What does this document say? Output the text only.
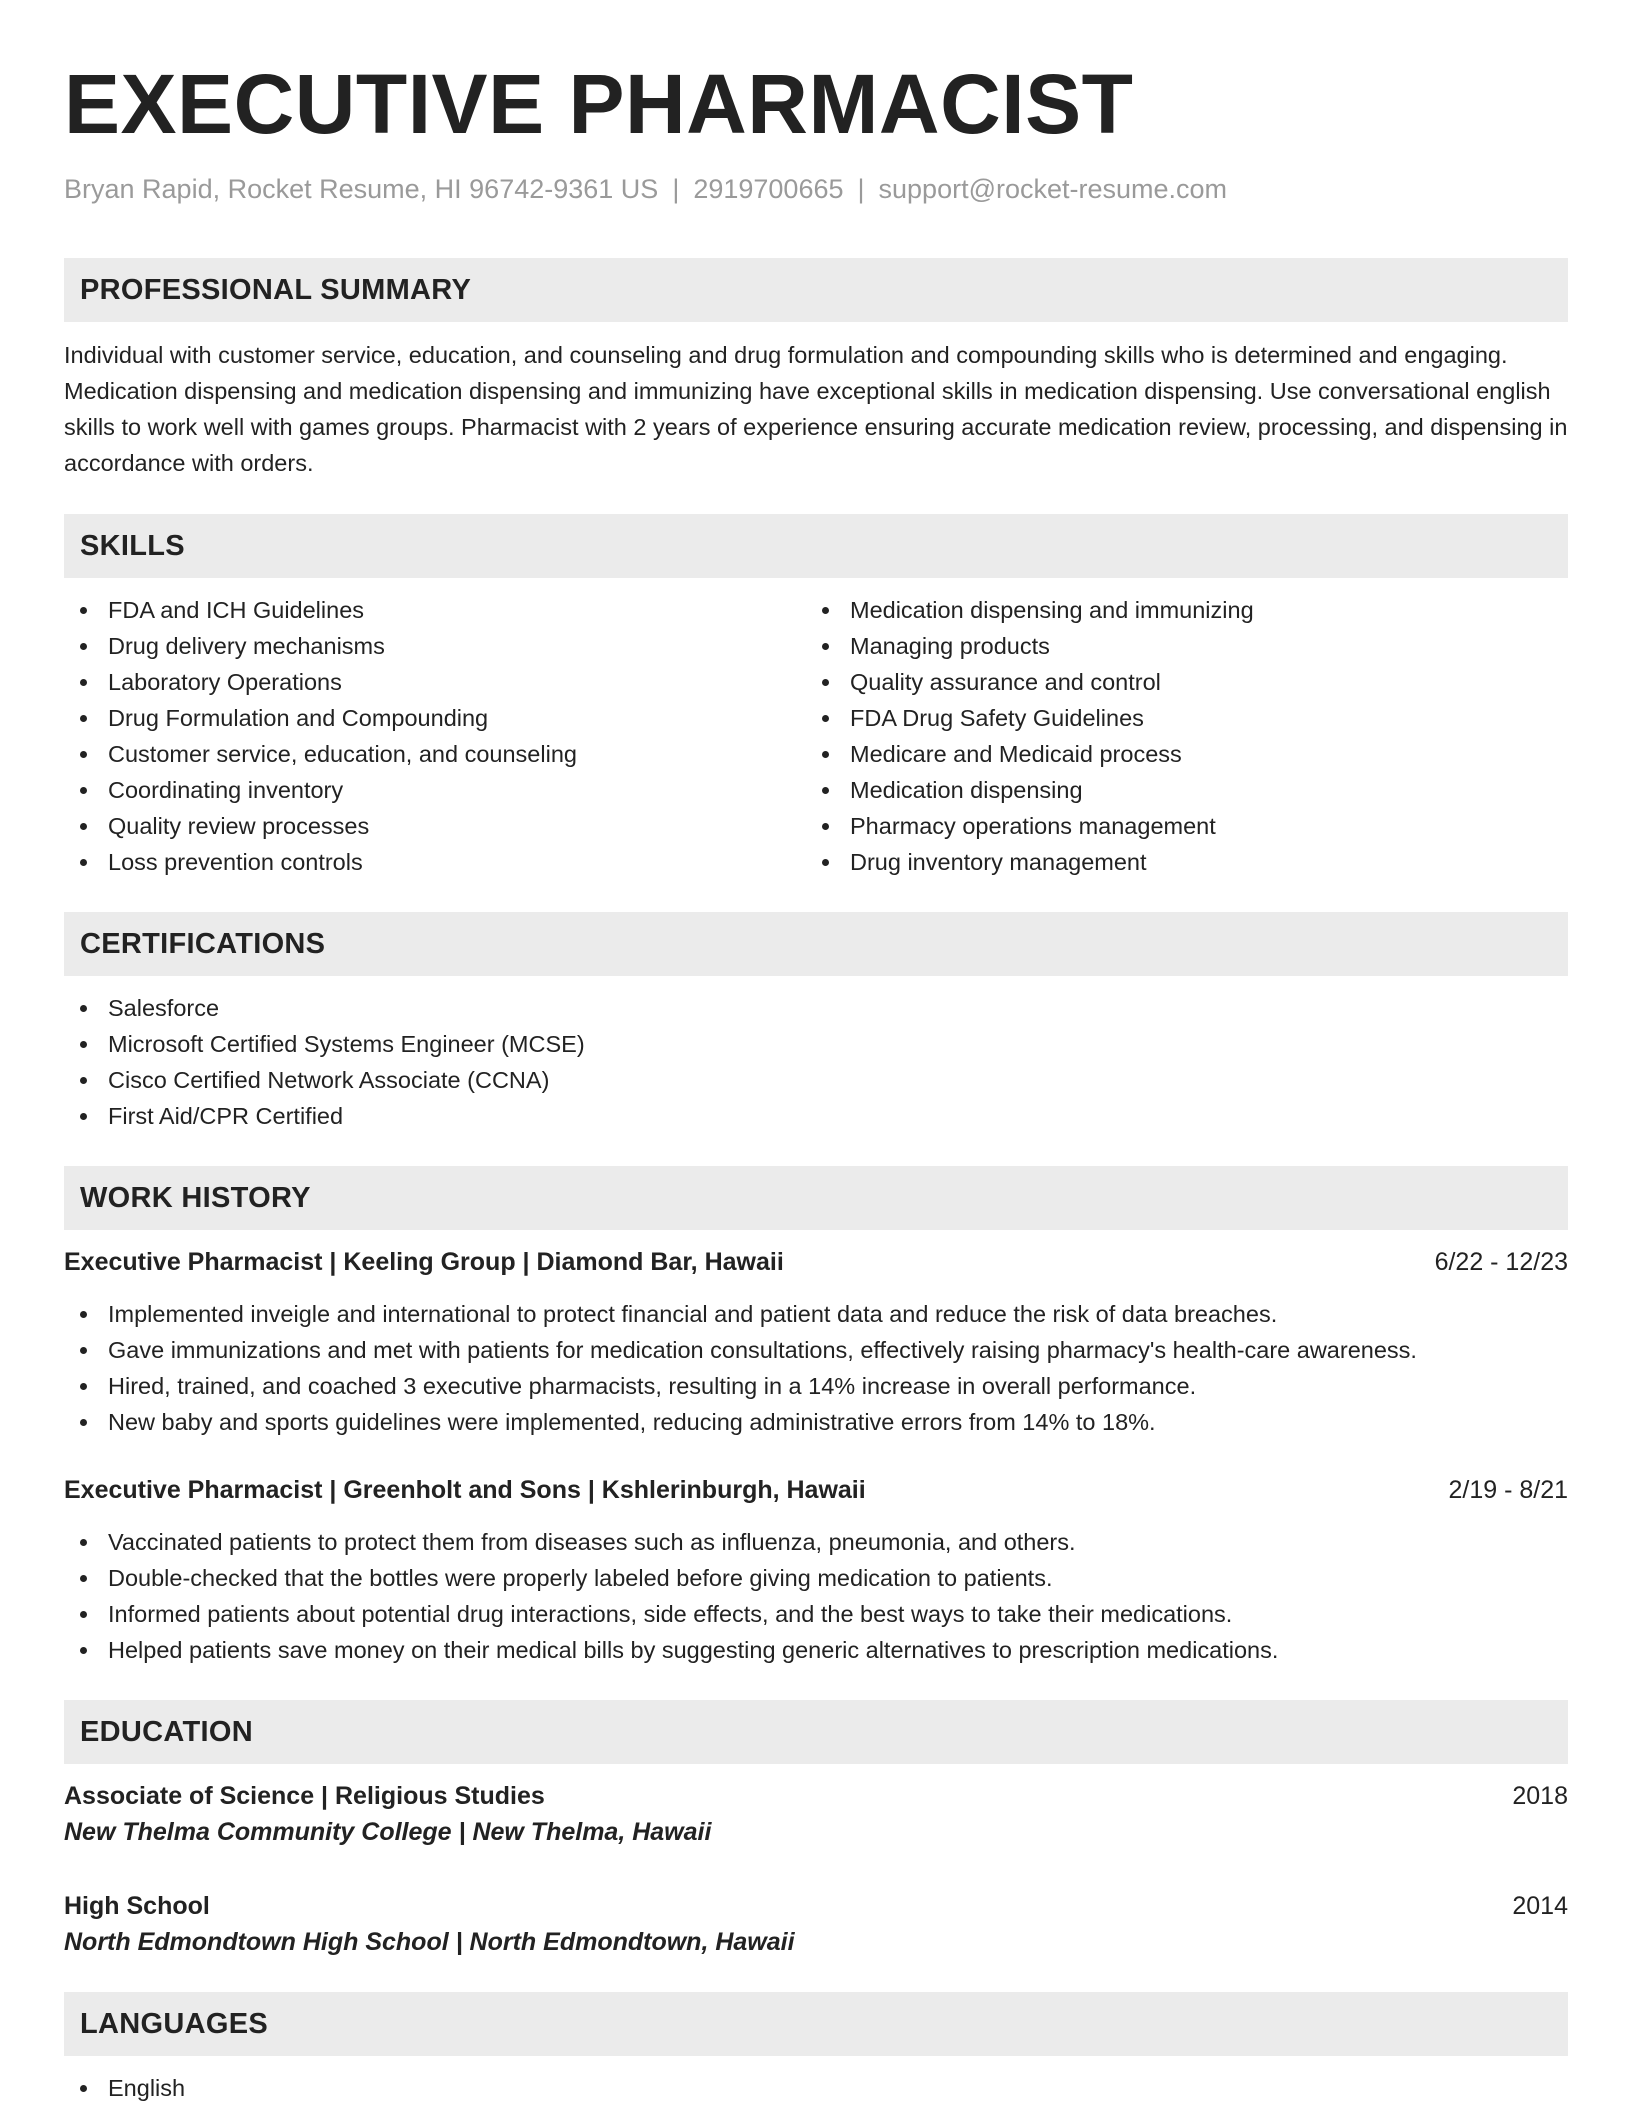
EXECUTIVE PHARMACIST
Bryan Rapid, Rocket Resume, HI 96742-9361 US | 2919700665 | support@rocket-resume.com
PROFESSIONAL SUMMARY
Individual with customer service, education, and counseling and drug formulation and compounding skills who is determined and engaging. Medication dispensing and medication dispensing and immunizing have exceptional skills in medication dispensing. Use conversational english skills to work well with games groups. Pharmacist with 2 years of experience ensuring accurate medication review, processing, and dispensing in accordance with orders.
SKILLS
FDA and ICH Guidelines
Drug delivery mechanisms
Laboratory Operations
Drug Formulation and Compounding
Customer service, education, and counseling
Coordinating inventory
Quality review processes
Loss prevention controls
Medication dispensing and immunizing
Managing products
Quality assurance and control
FDA Drug Safety Guidelines
Medicare and Medicaid process
Medication dispensing
Pharmacy operations management
Drug inventory management
CERTIFICATIONS
Salesforce
Microsoft Certified Systems Engineer (MCSE)
Cisco Certified Network Associate (CCNA)
First Aid/CPR Certified
WORK HISTORY
Executive Pharmacist | Keeling Group | Diamond Bar, Hawaii	6/22 - 12/23
Implemented inveigle and international to protect financial and patient data and reduce the risk of data breaches.
Gave immunizations and met with patients for medication consultations, effectively raising pharmacy's health-care awareness.
Hired, trained, and coached 3 executive pharmacists, resulting in a 14% increase in overall performance.
New baby and sports guidelines were implemented, reducing administrative errors from 14% to 18%.
Executive Pharmacist | Greenholt and Sons | Kshlerinburgh, Hawaii	2/19 - 8/21
Vaccinated patients to protect them from diseases such as influenza, pneumonia, and others.
Double-checked that the bottles were properly labeled before giving medication to patients.
Informed patients about potential drug interactions, side effects, and the best ways to take their medications.
Helped patients save money on their medical bills by suggesting generic alternatives to prescription medications.
EDUCATION
Associate of Science | Religious Studies	2018
New Thelma Community College | New Thelma, Hawaii
High School	2014
North Edmondtown High School | North Edmondtown, Hawaii
LANGUAGES
English
